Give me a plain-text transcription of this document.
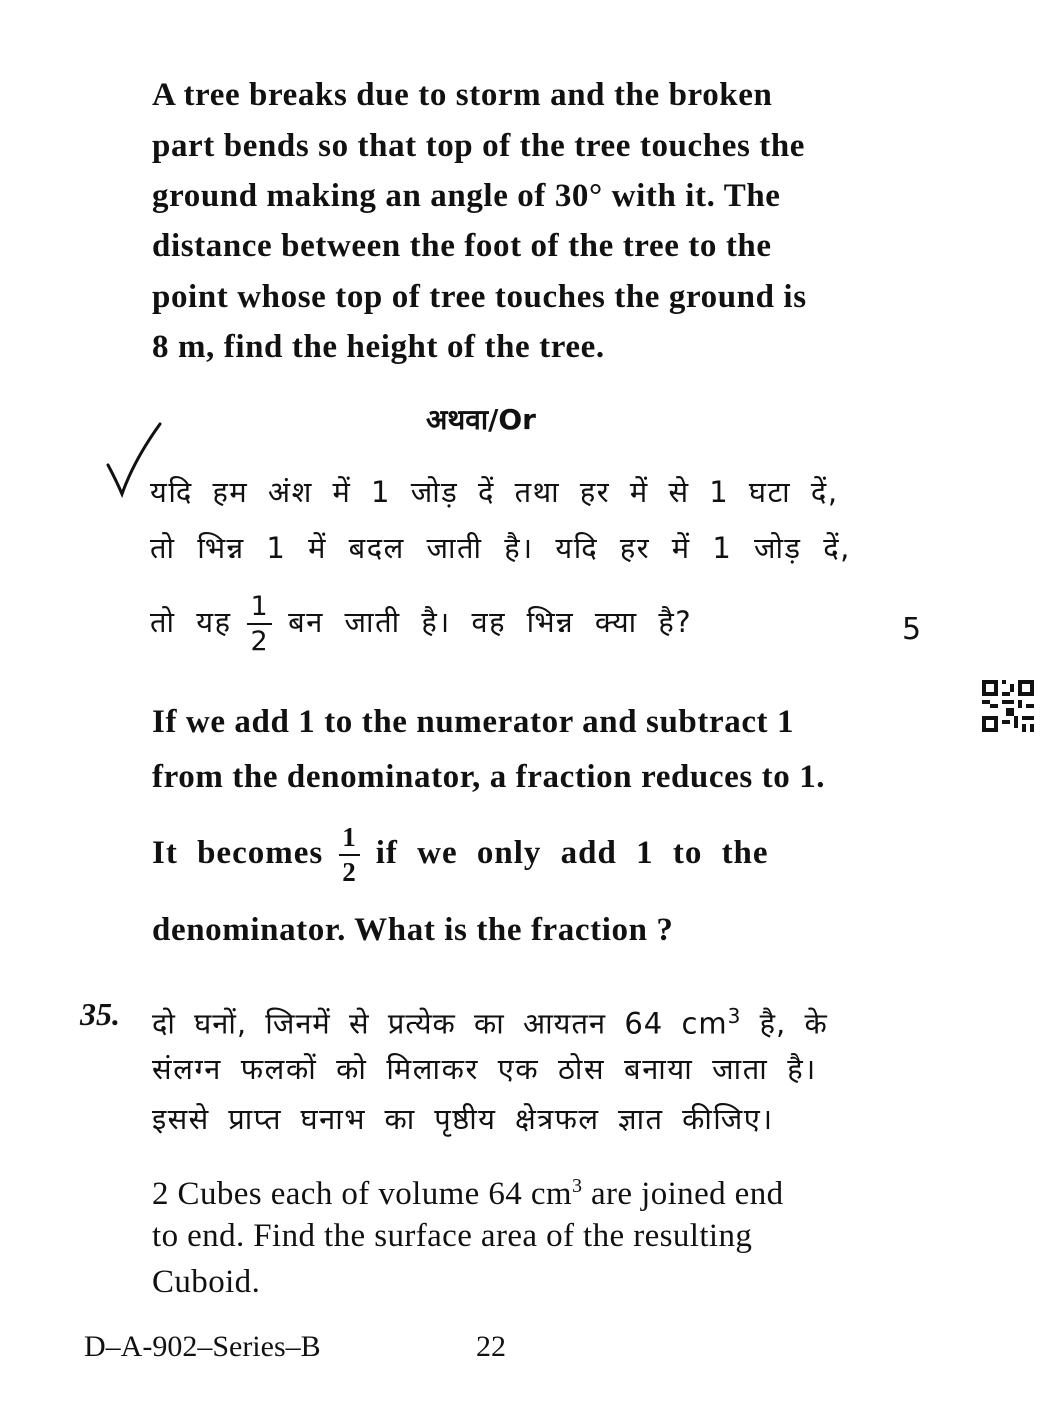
A tree breaks due to storm and the broken
part bends so that top of the tree touches the
ground making an angle of 30° with it. The
distance between the foot of the tree to the
point whose top of tree touches the ground is
8 m, find the height of the tree.
अथवा/Or
यदि हम अंश में 1 जोड़ दें तथा हर में से 1 घटा दें,
तो भिन्न 1 में बदल जाती है। यदि हर में 1 जोड़ दें,
तो यह $\frac{1}{2}$ बन जाती है। वह भिन्न क्या है?	5
If we add 1 to the numerator and subtract 1
from the denominator, a fraction reduces to 1.
It becomes $\frac{1}{2}$ if we only add 1 to the
denominator. What is the fraction ?
35. दो घनों, जिनमें से प्रत्येक का आयतन 64 $cm^3$ है, के
संलग्न फलकों को मिलाकर एक ठोस बनाया जाता है।
इससे प्राप्त घनाभ का पृष्ठीय क्षेत्रफल ज्ञात कीजिए।
2 Cubes each of volume 64 $cm^3$ are joined end
to end. Find the surface area of the resulting
Cuboid.
D–A-902–Series–B	22
